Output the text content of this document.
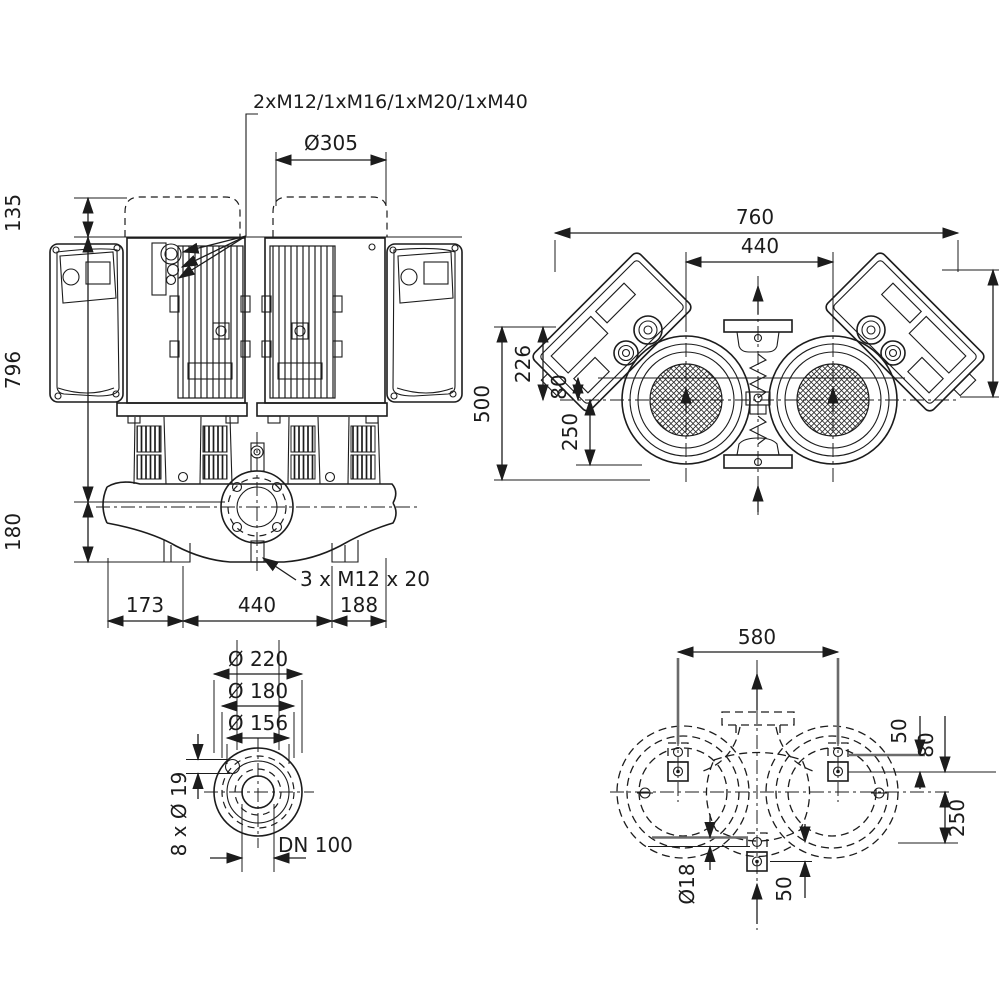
2xM12/1xM16/1xM20/1xM40
Ø305
135
796
180
3 x M12 x 20
173	440	188
760
440
500
226
80
250
Ø 220
Ø 180
Ø 156
8 x Ø 19	DN 100
580
50
80
250
Ø18	50
